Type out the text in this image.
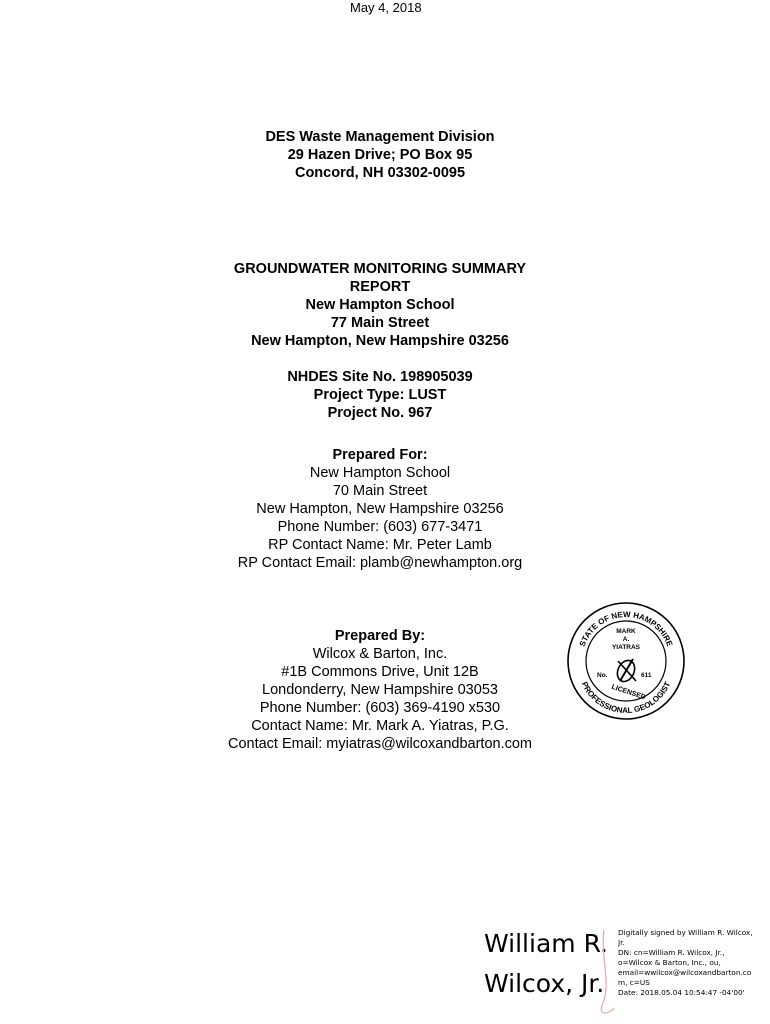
DES Waste Management Division
29 Hazen Drive; PO Box 95
Concord, NH 03302-0095
GROUNDWATER MONITORING SUMMARY
REPORT
New Hampton School
77 Main Street
New Hampton, New Hampshire 03256
NHDES Site No. 198905039
Project Type: LUST
Project No. 967
Prepared For:
New Hampton School
70 Main Street
New Hampton, New Hampshire 03256
Phone Number: (603) 677-3471
RP Contact Name: Mr. Peter Lamb
RP Contact Email: plamb@newhampton.org
Prepared By:
Wilcox & Barton, Inc.
#1B Commons Drive, Unit 12B
Londonderry, New Hampshire 03053
Phone Number: (603) 369-4190 x530
Contact Name: Mr. Mark A. Yiatras, P.G.
Contact Email: myiatras@wilcoxandbarton.com
May 4, 2018
STATE OF NEW HAMPSHIRE
PROFESSIONAL GEOLOGIST
MARK
A.
YIATRAS
No.	611
LICENSED
William R.
Wilcox, Jr.
Digitally signed by William R. Wilcox,
Jr.
DN: cn=William R. Wilcox, Jr.,
o=Wilcox & Barton, Inc., ou,
email=wwilcox@wilcoxandbarton.co
m, c=US
Date: 2018.05.04 10:54:47 -04'00'
